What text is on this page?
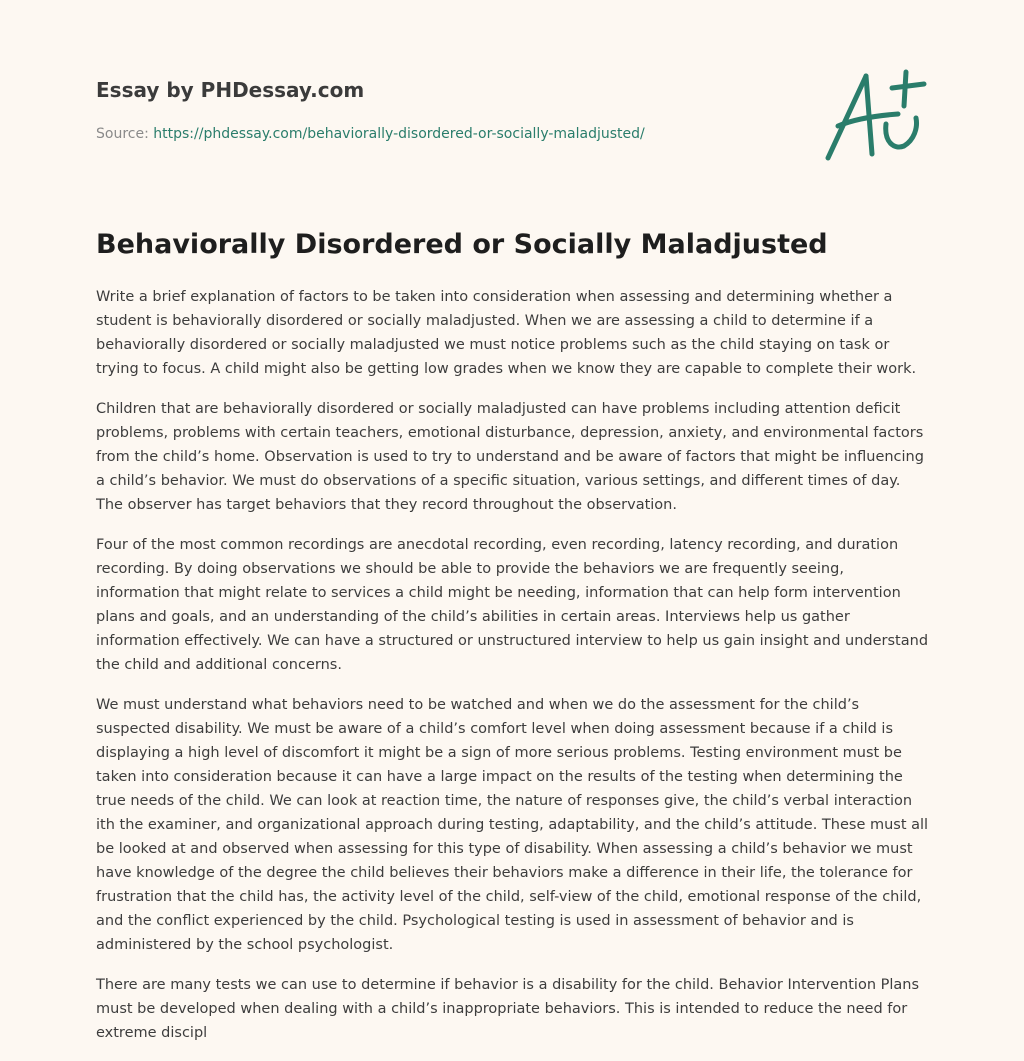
Essay by PHDessay.com
Source: https://phdessay.com/behaviorally-disordered-or-socially-maladjusted/
Behaviorally Disordered or Socially Maladjusted

Write a brief explanation of factors to be taken into consideration when assessing and determining whether a student is behaviorally disordered or socially maladjusted. When we are assessing a child to determine if a behaviorally disordered or socially maladjusted we must notice problems such as the child staying on task or trying to focus. A child might also be getting low grades when we know they are capable to complete their work.

Children that are behaviorally disordered or socially maladjusted can have problems including attention deficit problems, problems with certain teachers, emotional disturbance, depression, anxiety, and environmental factors from the child’s home. Observation is used to try to understand and be aware of factors that might be influencing a child’s behavior. We must do observations of a specific situation, various settings, and different times of day. The observer has target behaviors that they record throughout the observation.

Four of the most common recordings are anecdotal recording, even recording, latency recording, and duration recording. By doing observations we should be able to provide the behaviors we are frequently seeing, information that might relate to services a child might be needing, information that can help form intervention plans and goals, and an understanding of the child’s abilities in certain areas. Interviews help us gather information effectively. We can have a structured or unstructured interview to help us gain insight and understand the child and additional concerns.

We must understand what behaviors need to be watched and when we do the assessment for the child’s suspected disability. We must be aware of a child’s comfort level when doing assessment because if a child is displaying a high level of discomfort it might be a sign of more serious problems. Testing environment must be taken into consideration because it can have a large impact on the results of the testing when determining the true needs of the child. We can look at reaction time, the nature of responses give, the child’s verbal interaction ith the examiner, and organizational approach during testing, adaptability, and the child’s attitude. These must all be looked at and observed when assessing for this type of disability. When assessing a child’s behavior we must have knowledge of the degree the child believes their behaviors make a difference in their life, the tolerance for frustration that the child has, the activity level of the child, self-view of the child, emotional response of the child, and the conflict experienced by the child. Psychological testing is used in assessment of behavior and is administered by the school psychologist.

There are many tests we can use to determine if behavior is a disability for the child. Behavior Intervention Plans must be developed when dealing with a child’s inappropriate behaviors. This is intended to reduce the need for extreme discipl
